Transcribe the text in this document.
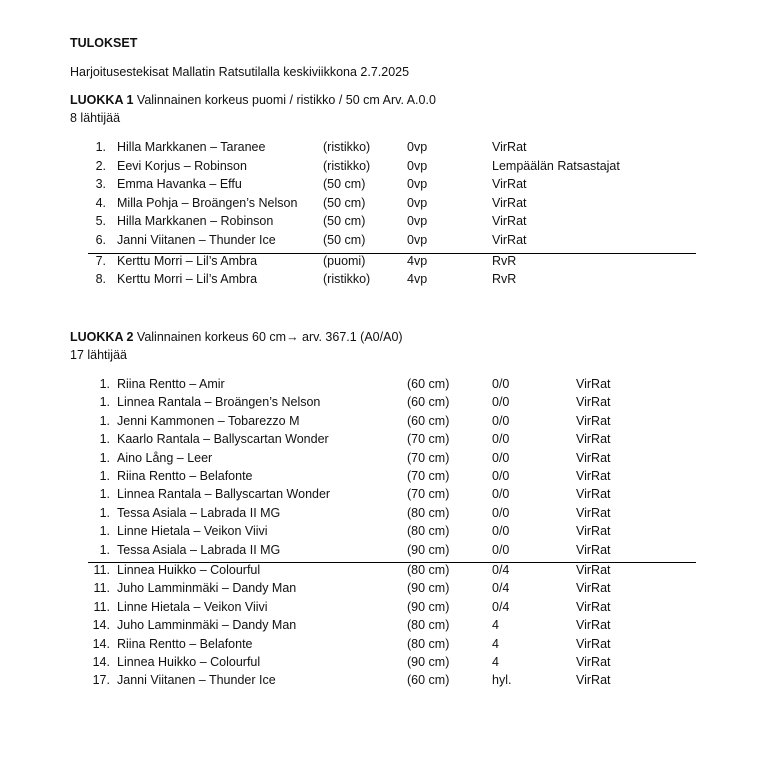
TULOKSET
Harjoitusestekisat Mallatin Ratsutilalla keskiviikkona 2.7.2025
LUOKKA 1 Valinnainen korkeus puomi / ristikko / 50 cm Arv. A.0.0
8 lähtijää
1. Hilla Markkanen – Taranee	(ristikko)	0vp	VirRat
2. Eevi Korjus – Robinson	(ristikko)	0vp	Lempäälän Ratsastajat
3. Emma Havanka – Effu	(50 cm)	0vp	VirRat
4. Milla Pohja – Broängen’s Nelson (50 cm)	0vp	VirRat
5. Hilla Markkanen – Robinson	(50 cm)	0vp	VirRat
6. Janni Viitanen – Thunder Ice	(50 cm)	0vp	VirRat
7. Kerttu Morri – Lil’s Ambra	(puomi)	4vp	RvR
8. Kerttu Morri – Lil’s Ambra	(ristikko)	4vp	RvR
LUOKKA 2 Valinnainen korkeus 60 cm→ arv. 367.1 (A0/A0)
17 lähtijää
1. Riina Rentto – Amir	(60 cm)	0/0	VirRat
1. Linnea Rantala – Broängen’s Nelson	(60 cm)	0/0	VirRat
1. Jenni Kammonen – Tobarezzo M	(60 cm)	0/0	VirRat
1. Kaarlo Rantala – Ballyscartan Wonder	(70 cm)	0/0	VirRat
1. Aino Lång – Leer	(70 cm)	0/0	VirRat
1. Riina Rentto – Belafonte	(70 cm)	0/0	VirRat
1. Linnea Rantala – Ballyscartan Wonder	(70 cm)	0/0	VirRat
1. Tessa Asiala – Labrada II MG	(80 cm)	0/0	VirRat
1. Linne Hietala – Veikon Viivi	(80 cm)	0/0	VirRat
1. Tessa Asiala – Labrada II MG	(90 cm)	0/0	VirRat
11. Linnea Huikko – Colourful	(80 cm)	0/4	VirRat
11. Juho Lamminmäki – Dandy Man	(90 cm)	0/4	VirRat
11. Linne Hietala – Veikon Viivi	(90 cm)	0/4	VirRat
14. Juho Lamminmäki – Dandy Man	(80 cm)	4	VirRat
14. Riina Rentto – Belafonte	(80 cm)	4	VirRat
14. Linnea Huikko – Colourful	(90 cm)	4	VirRat
17. Janni Viitanen – Thunder Ice	(60 cm)	hyl.	VirRat
